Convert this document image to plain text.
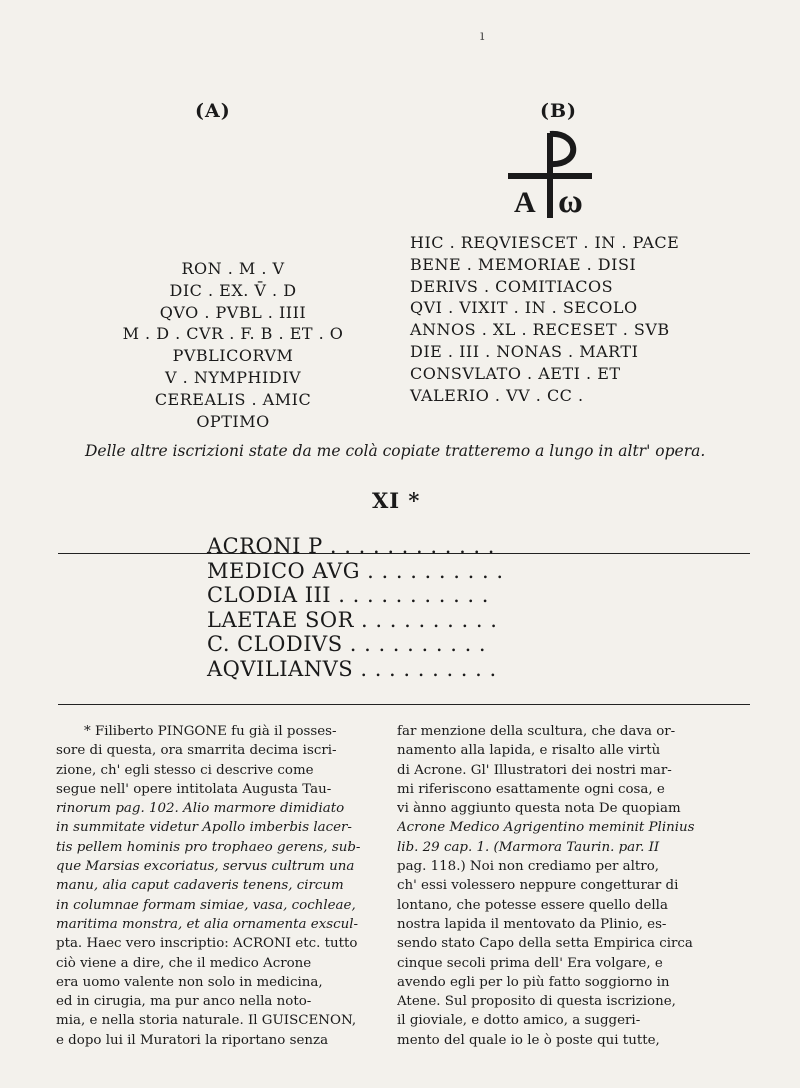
ı

(A)	(B)
A ω
RON . M . V
DIC . EX. V̄ . D
QVO . PVBL . IIII
M . D . CVR . F. B . ET . O
PVBLICORVM
V . NYMPHIDIV
CEREALIS . AMIC
OPTIMO
HIC . REQVIESCET . IN . PACE
BENE . MEMORIAE . DISI
DERIVS . COMITIACOS
QVI . VIXIT . IN . SECOLO
ANNOS . XL . RECESET . SVB
DIE . III . NONAS . MARTI
CONSVLATO . AETI . ET
VALERIO . VV . CC .
Delle altre iscrizioni state da me colà copiate tratteremo a lungo in altr' opera.
XI *
ACRONI P . . . . . . . . . . . .
MEDICO AVG . . . . . . . . . .
CLODIA III . . . . . . . . . . .
LAETAE SOR . . . . . . . . . .
C. CLODIVS . . . . . . . . . .
AQVILIANVS . . . . . . . . . .
* Filiberto PINGONE fu già il posses-
sore di questa, ora smarrita decima iscri-
zione, ch' egli stesso ci descrive come
segue nell' opere intitolata Augusta Tau-
rinorum pag. 102. Alio marmore dimidiato
in summitate videtur Apollo imberbis lacer-
tis pellem hominis pro trophaeo gerens, sub-
que Marsias excoriatus, servus cultrum una
manu, alia caput cadaveris tenens, circum
in columnae formam simiae, vasa, cochleae,
maritima monstra, et alia ornamenta exscul-
pta. Haec vero inscriptio: ACRONI etc. tutto
ciò viene a dire, che il medico Acrone
era uomo valente non solo in medicina,
ed in cirugia, ma pur anco nella noto-
mia, e nella storia naturale. Il GUISCENON,
e dopo lui il Muratori la riportano senza
far menzione della scultura, che dava or-
namento alla lapida, e risalto alle virtù
di Acrone. Gl' Illustratori dei nostri mar-
mi riferiscono esattamente ogni cosa, e
vi ànno aggiunto questa nota De quopiam
Acrone Medico Agrigentino meminit Plinius
lib. 29 cap. 1. (Marmora Taurin. par. II
pag. 118.) Noi non crediamo per altro,
ch' essi volessero neppure congetturar di
lontano, che potesse essere quello della
nostra lapida il mentovato da Plinio, es-
sendo stato Capo della setta Empirica circa
cinque secoli prima dell' Era volgare, e
avendo egli per lo più fatto soggiorno in
Atene. Sul proposito di questa iscrizione,
il gioviale, e dotto amico, a suggeri-
mento del quale io le ò poste qui tutte,
